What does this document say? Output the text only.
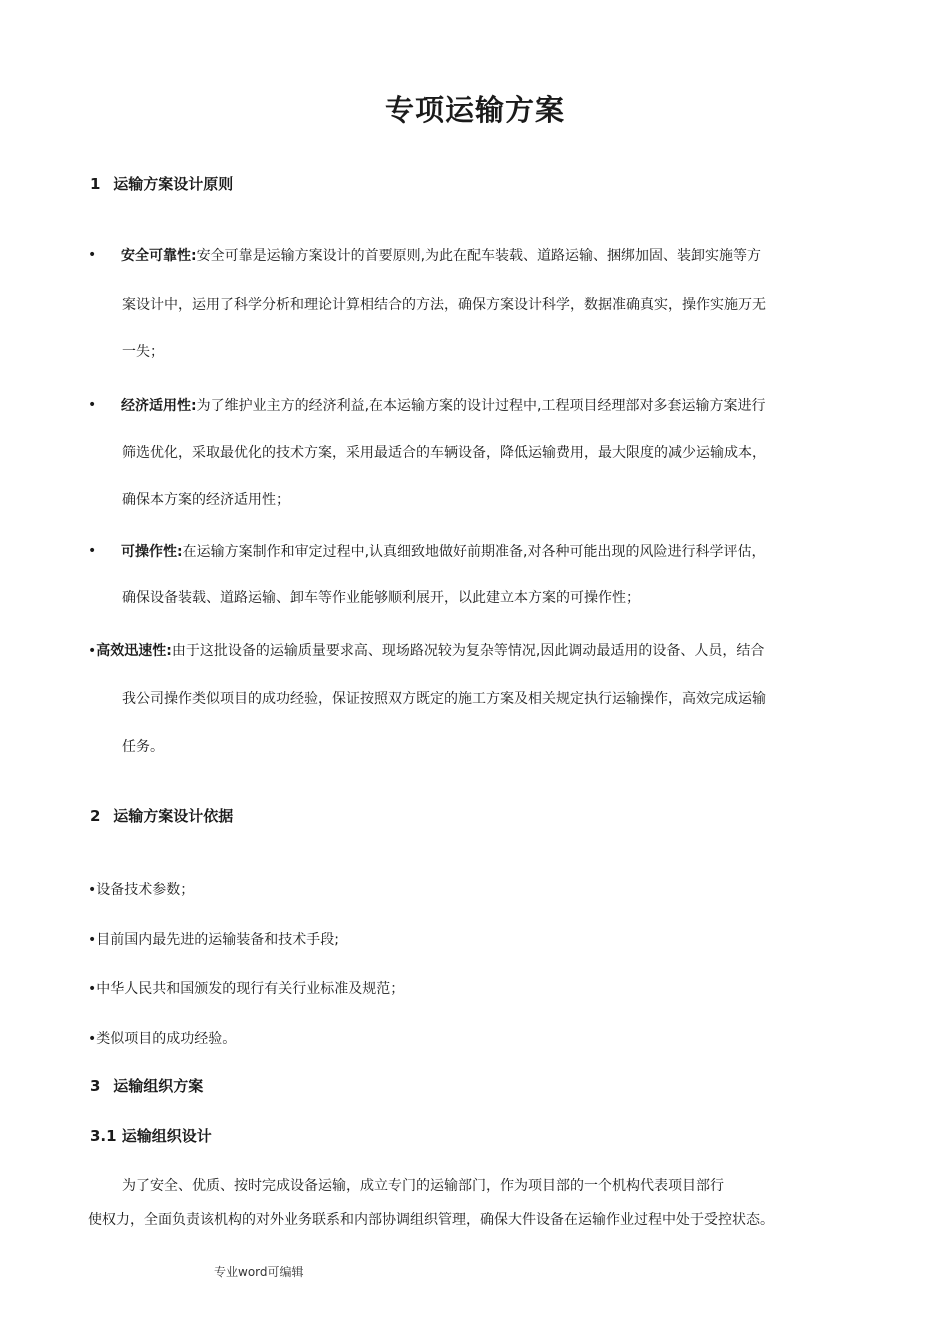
专项运输方案
1 运输方案设计原则
• 安全可靠性:安全可靠是运输方案设计的首要原则,为此在配车装载、道路运输、捆绑加固、装卸实施等方
案设计中，运用了科学分析和理论计算相结合的方法，确保方案设计科学，数据准确真实，操作实施万无
一失；
• 经济适用性:为了维护业主方的经济利益,在本运输方案的设计过程中,工程项目经理部对多套运输方案进行
筛选优化，采取最优化的技术方案，采用最适合的车辆设备，降低运输费用，最大限度的减少运输成本，
确保本方案的经济适用性；
• 可操作性:在运输方案制作和审定过程中,认真细致地做好前期准备,对各种可能出现的风险进行科学评估，
确保设备装载、道路运输、卸车等作业能够顺利展开，以此建立本方案的可操作性；
•高效迅速性:由于这批设备的运输质量要求高、现场路况较为复杂等情况,因此调动最适用的设备、人员，结合
我公司操作类似项目的成功经验，保证按照双方既定的施工方案及相关规定执行运输操作，高效完成运输
任务。
2 运输方案设计依据
•设备技术参数；
•目前国内最先进的运输装备和技术手段;
•中华人民共和国颁发的现行有关行业标准及规范；
•类似项目的成功经验。
3 运输组织方案
3.1 运输组织设计
为了安全、优质、按时完成设备运输，成立专门的运输部门，作为项目部的一个机构代表项目部行
使权力，全面负责该机构的对外业务联系和内部协调组织管理，确保大件设备在运输作业过程中处于受控状态。
专业word可编辑
